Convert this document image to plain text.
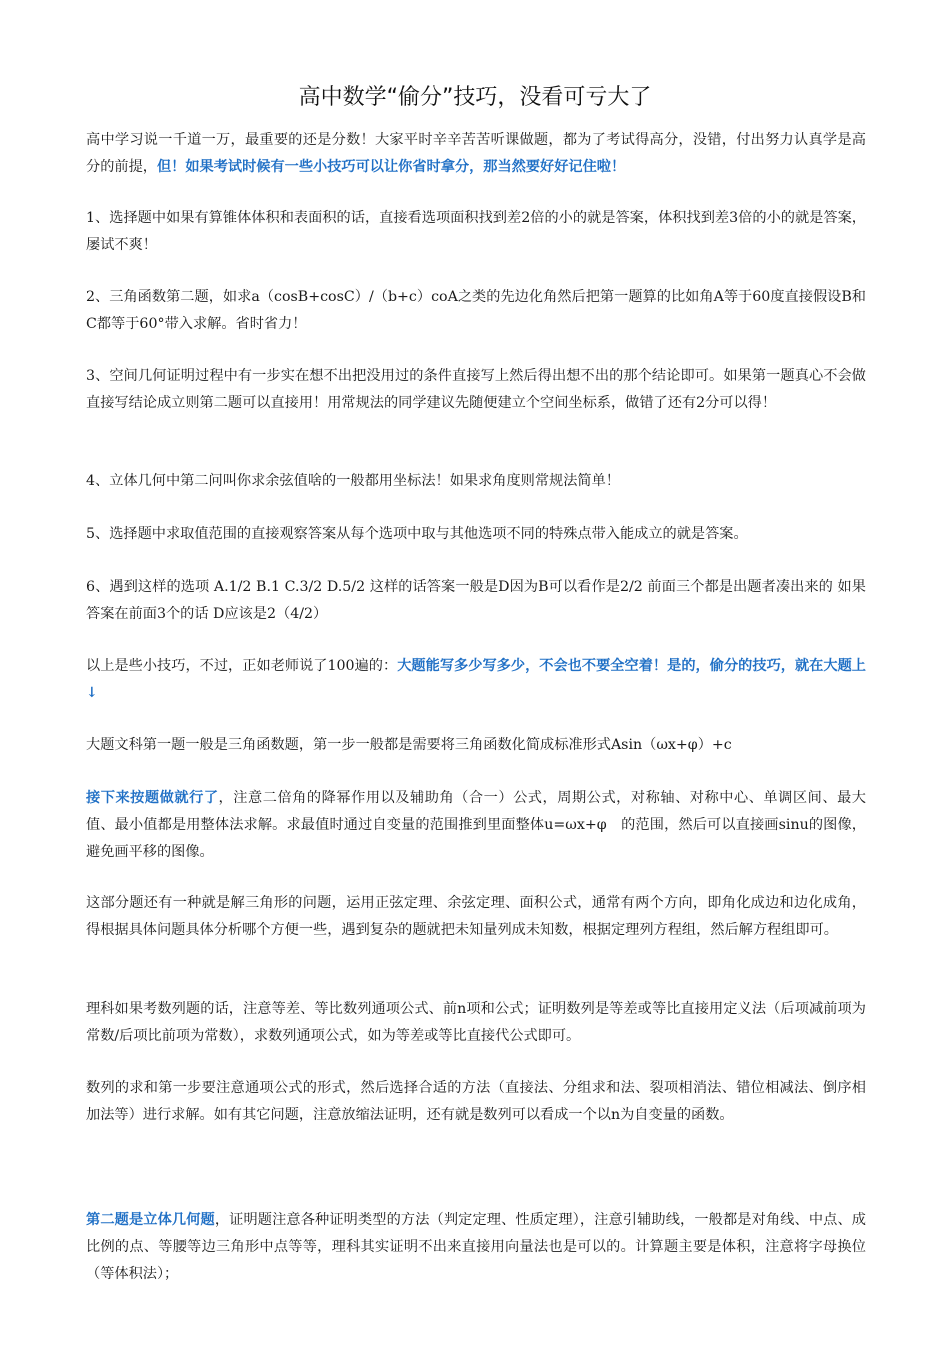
高中数学“偷分”技巧，没看可亏大了
高中学习说一千道一万，最重要的还是分数！大家平时辛辛苦苦听课做题，都为了考试得高分，没错，付出努力认真学是高分的前提，但！如果考试时候有一些小技巧可以让你省时拿分，那当然要好好记住啦！
1、选择题中如果有算锥体体积和表面积的话，直接看选项面积找到差2倍的小的就是答案，体积找到差3倍的小的就是答案，屡试不爽！
2、三角函数第二题，如求a（cosB+cosC）/（b+c）coA之类的先边化角然后把第一题算的比如角A等于60度直接假设B和C都等于60°带入求解。省时省力！
3、空间几何证明过程中有一步实在想不出把没用过的条件直接写上然后得出想不出的那个结论即可。如果第一题真心不会做直接写结论成立则第二题可以直接用！用常规法的同学建议先随便建立个空间坐标系，做错了还有2分可以得！
4、立体几何中第二问叫你求余弦值啥的一般都用坐标法！如果求角度则常规法简单！
5、选择题中求取值范围的直接观察答案从每个选项中取与其他选项不同的特殊点带入能成立的就是答案。
6、遇到这样的选项 A.1/2 B.1 C.3/2 D.5/2 这样的话答案一般是D因为B可以看作是2/2 前面三个都是出题者凑出来的 如果答案在前面3个的话 D应该是2（4/2）
以上是些小技巧，不过，正如老师说了100遍的：大题能写多少写多少，不会也不要全空着！是的，偷分的技巧，就在大题上↓
大题文科第一题一般是三角函数题，第一步一般都是需要将三角函数化简成标准形式Asin（ωx+φ）+c
接下来按题做就行了，注意二倍角的降幂作用以及辅助角（合一）公式，周期公式，对称轴、对称中心、单调区间、最大值、最小值都是用整体法求解。求最值时通过自变量的范围推到里面整体u=ωx+φ　的范围，然后可以直接画sinu的图像，避免画平移的图像。
这部分题还有一种就是解三角形的问题，运用正弦定理、余弦定理、面积公式，通常有两个方向，即角化成边和边化成角，得根据具体问题具体分析哪个方便一些，遇到复杂的题就把未知量列成未知数，根据定理列方程组，然后解方程组即可。
理科如果考数列题的话，注意等差、等比数列通项公式、前n项和公式；证明数列是等差或等比直接用定义法（后项减前项为常数/后项比前项为常数），求数列通项公式，如为等差或等比直接代公式即可。
数列的求和第一步要注意通项公式的形式，然后选择合适的方法（直接法、分组求和法、裂项相消法、错位相减法、倒序相加法等）进行求解。如有其它问题，注意放缩法证明，还有就是数列可以看成一个以n为自变量的函数。
第二题是立体几何题，证明题注意各种证明类型的方法（判定定理、性质定理），注意引辅助线，一般都是对角线、中点、成比例的点、等腰等边三角形中点等等，理科其实证明不出来直接用向量法也是可以的。计算题主要是体积，注意将字母换位（等体积法）；
